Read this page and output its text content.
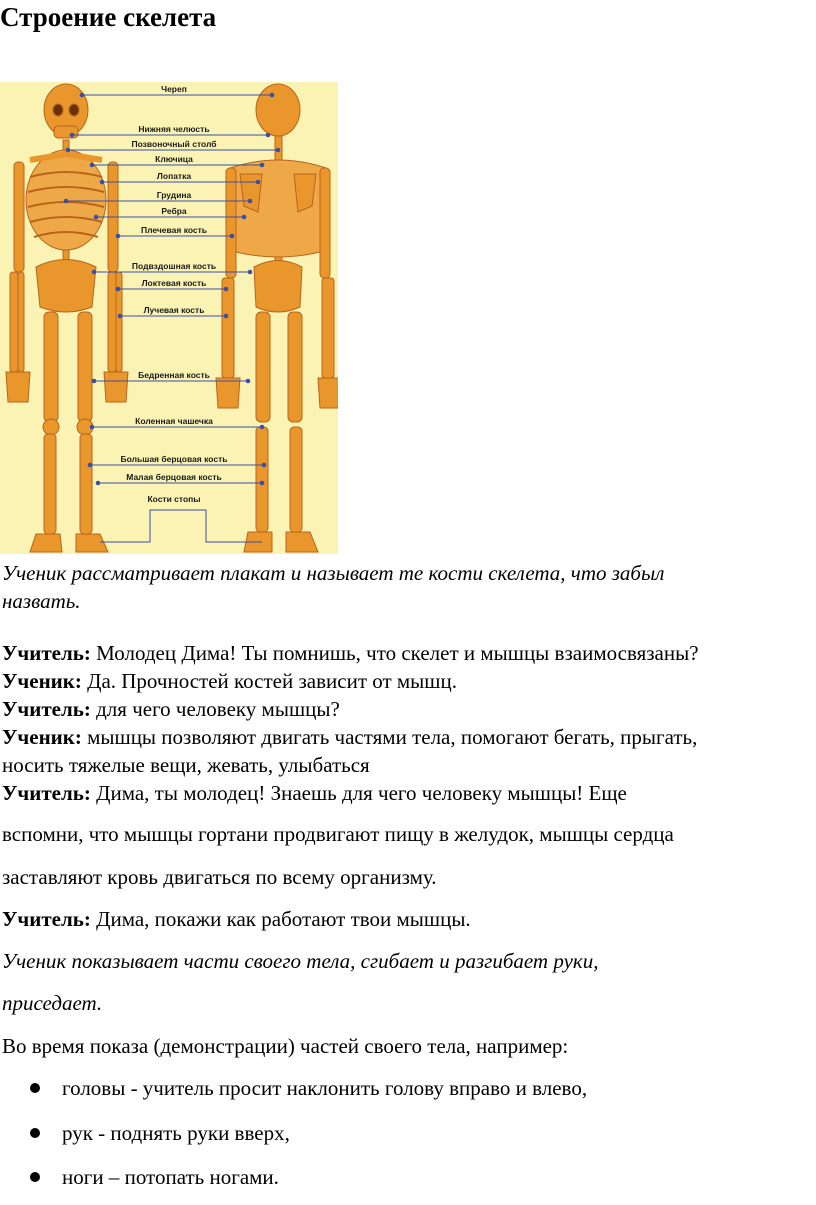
Строение скелета
Череп
Нижняя челюсть
Позвоночный столб
Ключица
Лопатка
Грудина
Ребра
Плечевая кость
Подвздошная кость
Локтевая кость
Лучевая кость
Бедренная кость
Коленная чашечка
Большая берцовая кость
Малая берцовая кость
Кости стопы
Ученик рассматривает плакат и называет те кости скелета, что забыл
назвать.
Учитель: Молодец Дима! Ты помнишь, что скелет и мышцы взаимосвязаны?
Ученик: Да. Прочностей костей зависит от мышц.
Учитель: для чего человеку мышцы?
Ученик: мышцы позволяют двигать частями тела, помогают бегать, прыгать,
носить тяжелые вещи, жевать, улыбаться
Учитель: Дима, ты молодец! Знаешь для чего человеку мышцы! Еще
вспомни, что мышцы гортани продвигают пищу в желудок, мышцы сердца
заставляют кровь двигаться по всему организму.
Учитель: Дима, покажи как работают твои мышцы.
Ученик показывает части своего тела, сгибает и разгибает руки,
приседает.
Во время показа (демонстрации) частей своего тела, например:
головы - учитель просит наклонить голову вправо и влево,
рук - поднять руки вверх,
ноги – потопать ногами.
